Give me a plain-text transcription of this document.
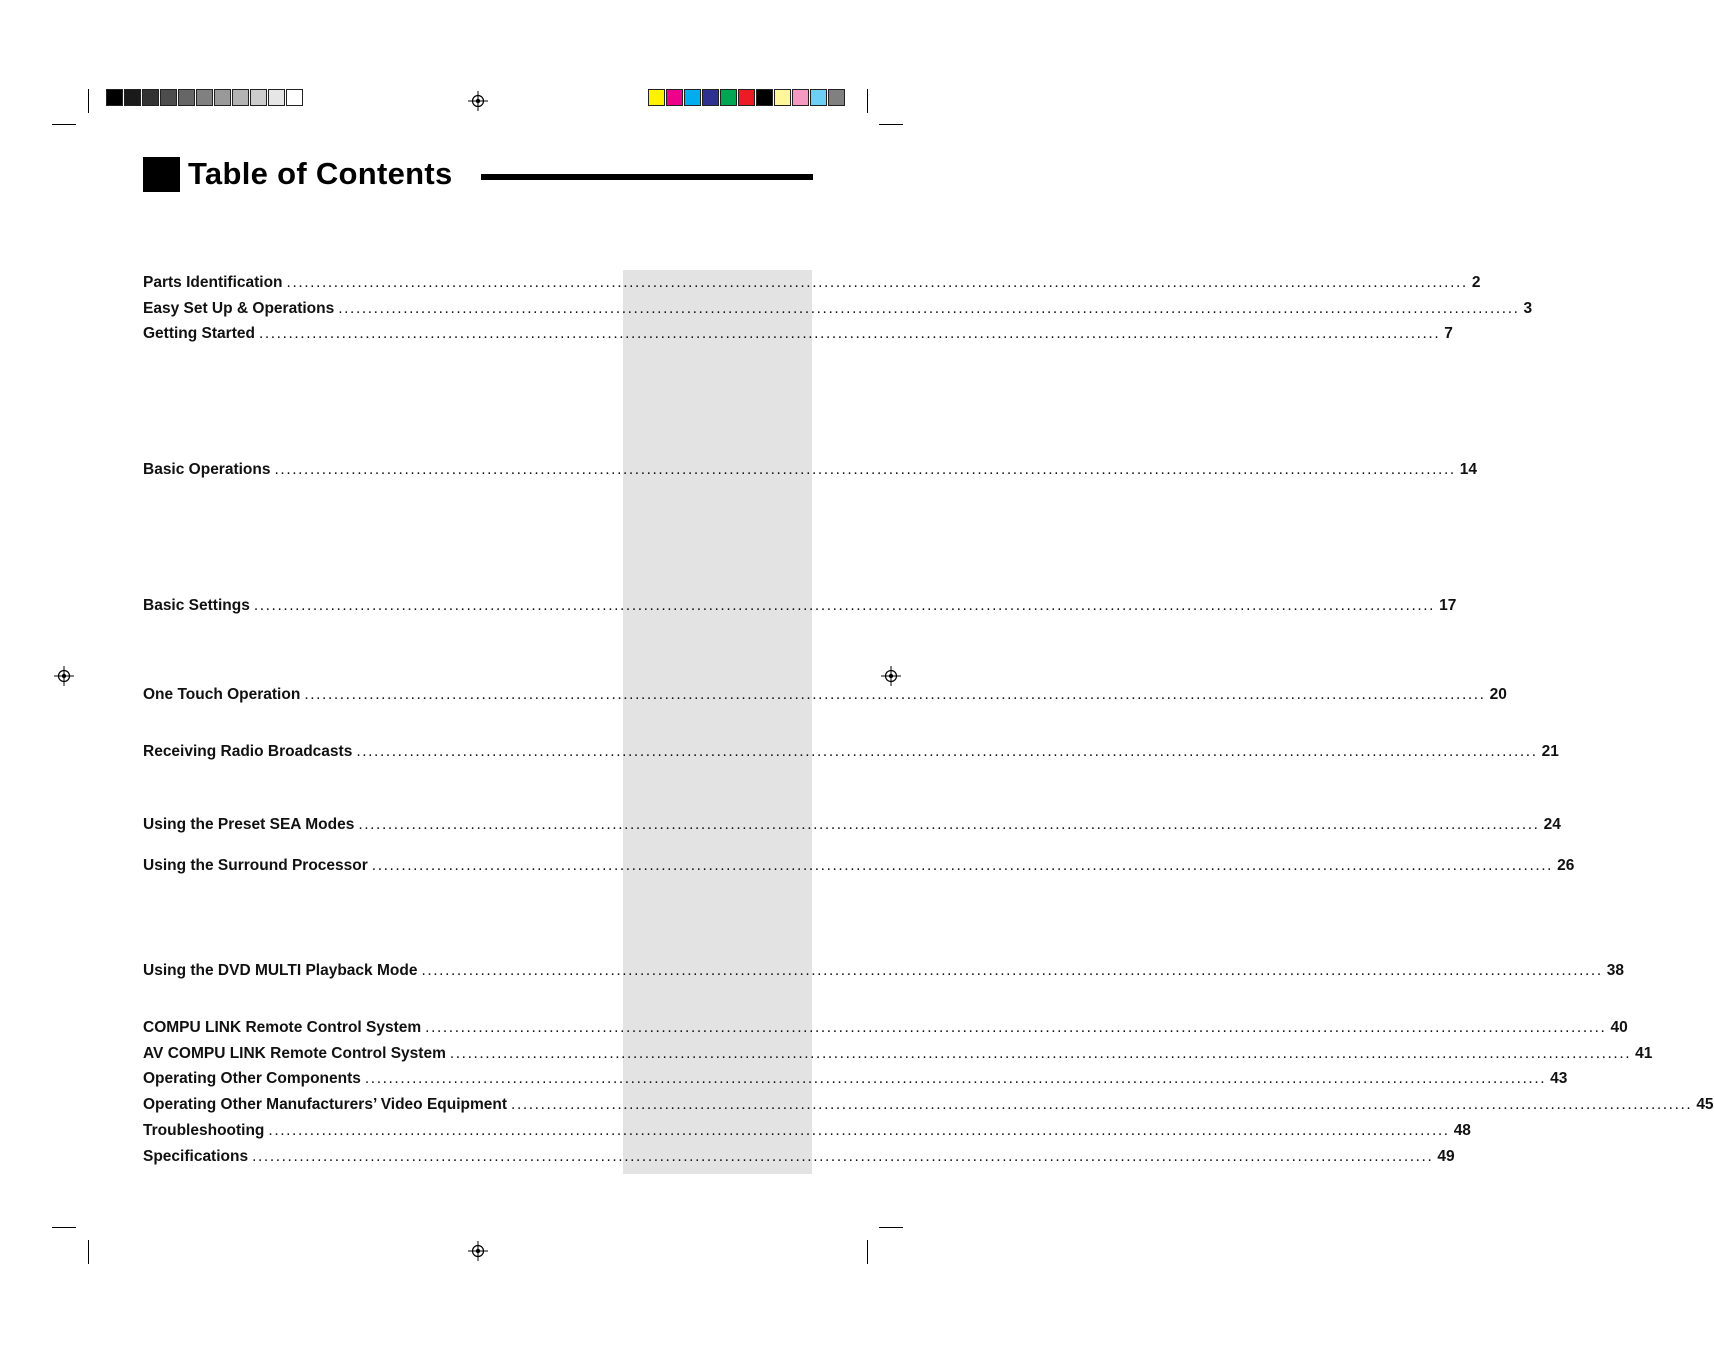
Table of Contents
Parts Identification ........................................................................................................................................................................................................ 2
Easy Set Up & Operations ........................................................................................................................................................................................................ 3
Getting Started ........................................................................................................................................................................................................ 7
Basic Operations ........................................................................................................................................................................................................ 14
Basic Settings ........................................................................................................................................................................................................ 17
One Touch Operation ........................................................................................................................................................................................................ 20
Receiving Radio Broadcasts ........................................................................................................................................................................................................ 21
Using the Preset SEA Modes ........................................................................................................................................................................................................ 24
Using the Surround Processor ........................................................................................................................................................................................................ 26
Using the DVD MULTI Playback Mode ........................................................................................................................................................................................................ 38
COMPU LINK Remote Control System ........................................................................................................................................................................................................ 40
AV COMPU LINK Remote Control System ........................................................................................................................................................................................................ 41
Operating Other Components ........................................................................................................................................................................................................ 43
Operating Other Manufacturers’ Video Equipment ........................................................................................................................................................................................................ 45
Troubleshooting ........................................................................................................................................................................................................ 48
Specifications ........................................................................................................................................................................................................ 49
